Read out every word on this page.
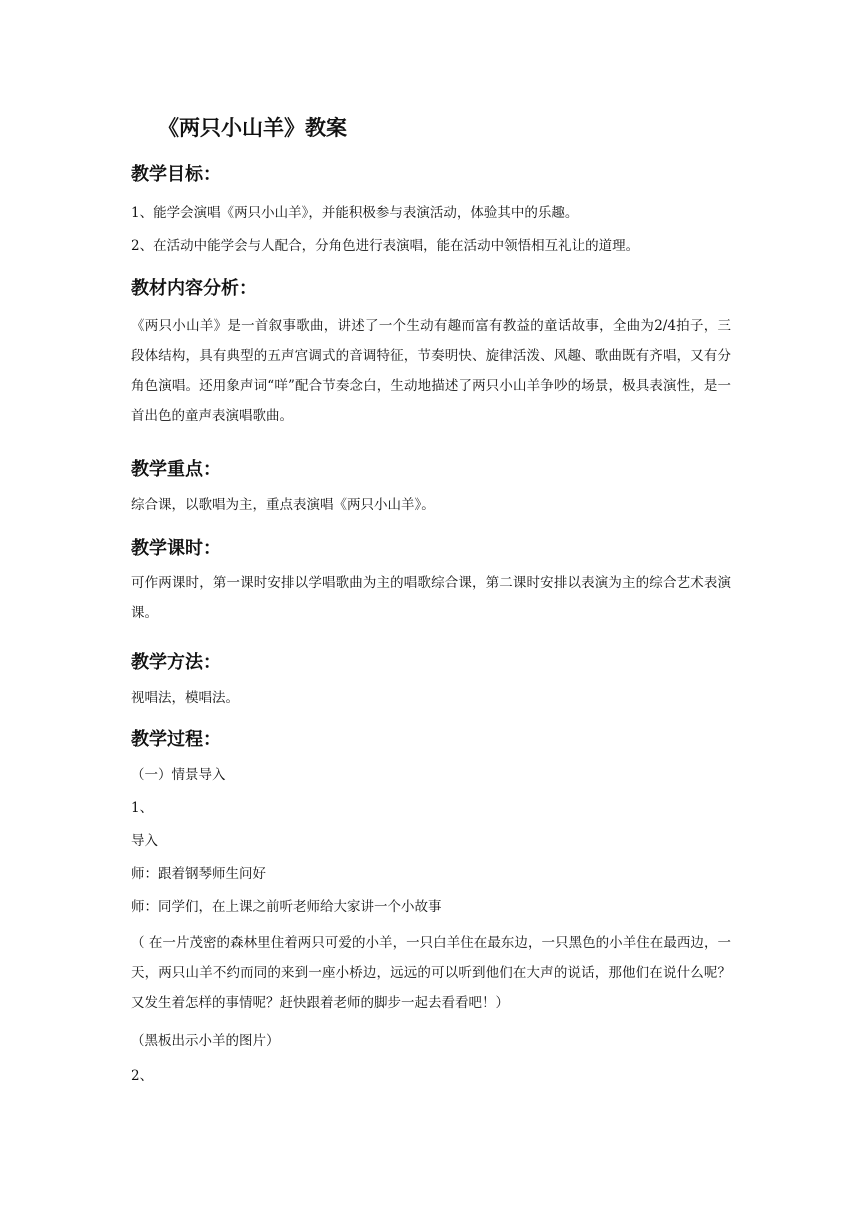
《两只小山羊》教案
教学目标：

1、能学会演唱《两只小山羊》，并能积极参与表演活动，体验其中的乐趣。

2、在活动中能学会与人配合，分角色进行表演唱，能在活动中领悟相互礼让的道理。

教材内容分析：

《两只小山羊》是一首叙事歌曲，讲述了一个生动有趣而富有教益的童话故事，全曲为2/4拍子，三段体结构，具有典型的五声宫调式的音调特征，节奏明快、旋律活泼、风趣、歌曲既有齐唱，又有分角色演唱。还用象声词“咩”配合节奏念白，生动地描述了两只小山羊争吵的场景，极具表演性，是一首出色的童声表演唱歌曲。

教学重点：

综合课，以歌唱为主，重点表演唱《两只小山羊》。

教学课时：

可作两课时，第一课时安排以学唱歌曲为主的唱歌综合课，第二课时安排以表演为主的综合艺术表演课。

教学方法：

视唱法，模唱法。

教学过程：

（一）情景导入

1、

导入

师：跟着钢琴师生问好

师：同学们，在上课之前听老师给大家讲一个小故事

（ 在一片茂密的森林里住着两只可爱的小羊，一只白羊住在最东边，一只黑色的小羊住在最西边，一天，两只山羊不约而同的来到一座小桥边，远远的可以听到他们在大声的说话，那他们在说什么呢？又发生着怎样的事情呢？赶快跟着老师的脚步一起去看看吧！）

（黑板出示小羊的图片）

2、
